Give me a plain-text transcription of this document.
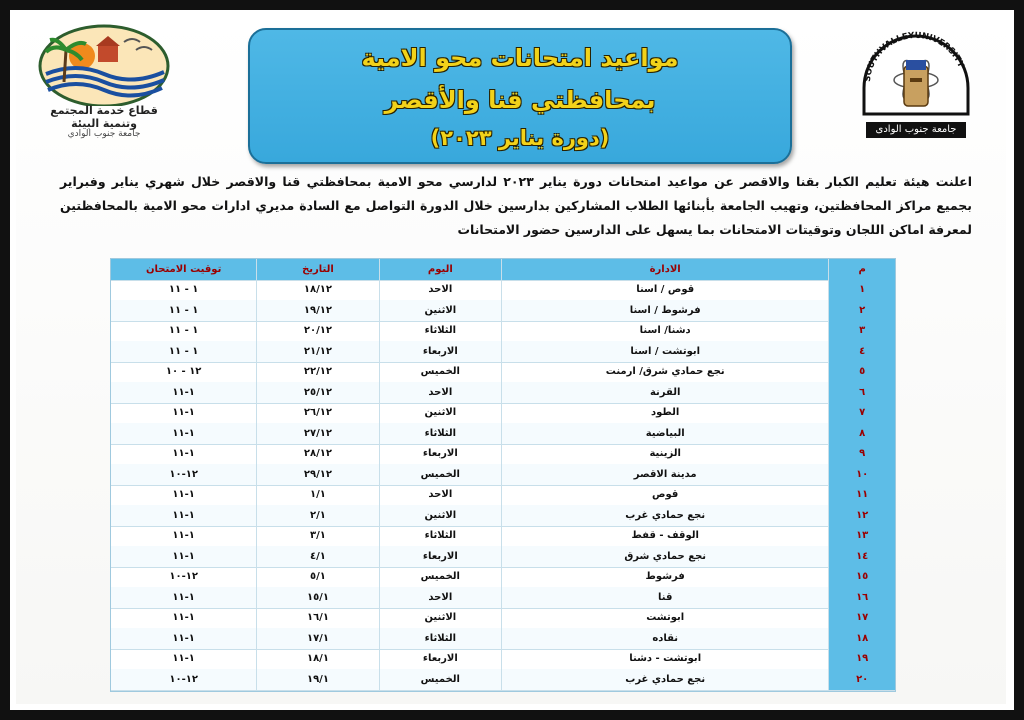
قطاع خدمة المجتمع
وتنمية البيئة
جامعة جنوب الوادي
مواعيد امتحانات محو الامية
بمحافظتي قنا والأقصر
(دورة يناير ٢٠٢٣)
SOUTHVALLEYUNIVERSITY
جامعة جنوب الوادى
اعلنت هيئة تعليم الكبار بقنا والاقصر عن مواعيد امتحانات دورة يناير ٢٠٢٣ لدارسي محو الامية بمحافظتي قنا والاقصر خلال شهري يناير وفبراير بجميع مراكز المحافظتين، وتهيب الجامعة بأبنائها الطلاب المشاركين بدارسين خلال الدورة التواصل مع السادة مديري ادارات محو الامية بالمحافظتين لمعرفة اماكن اللجان وتوقيتات الامتحانات بما يسهل على الدارسين حضور الامتحانات
م
الادارة
اليوم
التاريخ
توقيت الامتحان
١
قوص / اسنا
الاحد
١٨/١٢
١ - ١١
٢
فرشوط / اسنا
الاثنين
١٩/١٢
١ - ١١
٣
دشنا/ اسنا
الثلاثاء
٢٠/١٢
١ - ١١
٤
ابوتشت / اسنا
الاربعاء
٢١/١٢
١ - ١١
٥
نجع حمادي شرق/ ارمنت
الخميس
٢٢/١٢
١٢ - ١٠
٦
القرنة
الاحد
٢٥/١٢
١-١١
٧
الطود
الاثنين
٢٦/١٢
١-١١
٨
البياضية
الثلاثاء
٢٧/١٢
١-١١
٩
الزينية
الاربعاء
٢٨/١٢
١-١١
١٠
مدينة الاقصر
الخميس
٢٩/١٢
١٢-١٠
١١
قوص
الاحد
١/١
١-١١
١٢
نجع حمادي غرب
الاثنين
٢/١
١-١١
١٣
الوقف - قفط
الثلاثاء
٣/١
١-١١
١٤
نجع حمادي شرق
الاربعاء
٤/١
١-١١
١٥
فرشوط
الخميس
٥/١
١٢-١٠
١٦
قنا
الاحد
١٥/١
١-١١
١٧
ابوتشت
الاثنين
١٦/١
١-١١
١٨
نقاده
الثلاثاء
١٧/١
١-١١
١٩
ابوتشت - دشنا
الاربعاء
١٨/١
١-١١
٢٠
نجع حمادي غرب
الخميس
١٩/١
١٢-١٠
